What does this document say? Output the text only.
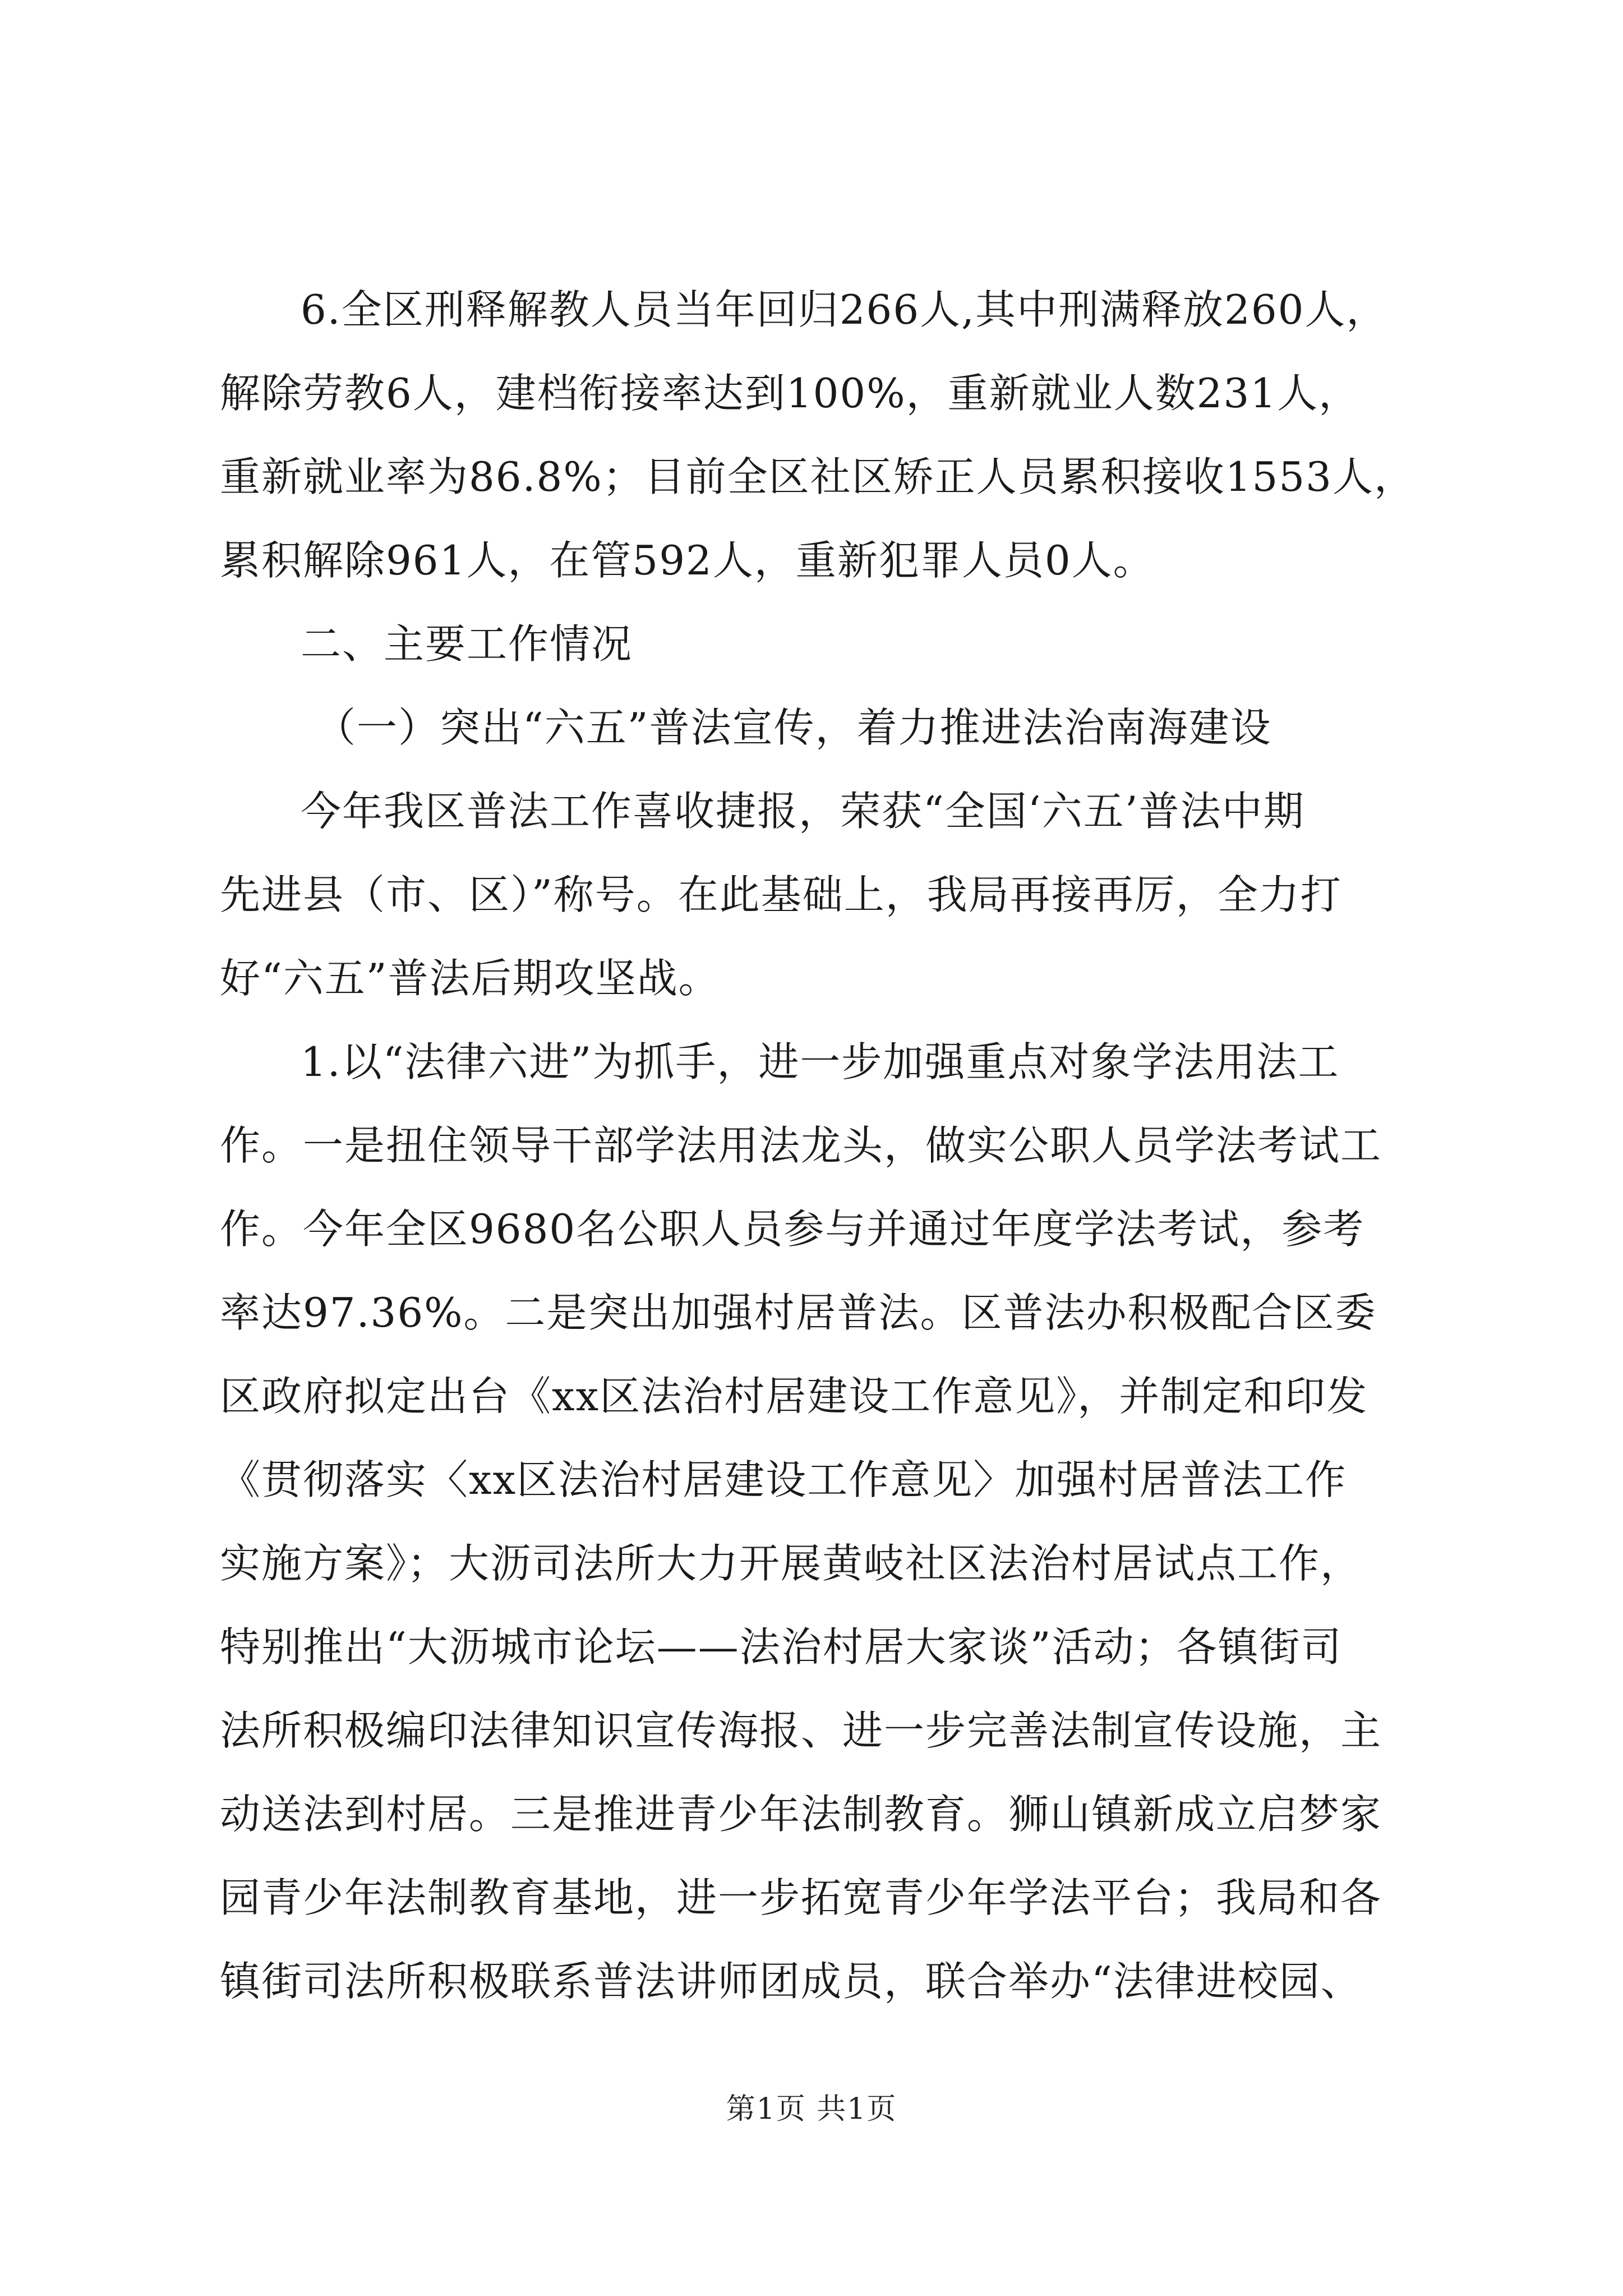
6.全区刑释解教人员当年回归266人,其中刑满释放260人，
解除劳教6人，建档衔接率达到100%，重新就业人数231人，
重新就业率为86.8%；目前全区社区矫正人员累积接收1553人，
累积解除961人，在管592人，重新犯罪人员0人。
二、主要工作情况
（一）突出“六五”普法宣传，着力推进法治南海建设
今年我区普法工作喜收捷报，荣获“全国‘六五’普法中期
先进县（市、区）”称号。在此基础上，我局再接再厉，全力打
好“六五”普法后期攻坚战。
1.以“法律六进”为抓手，进一步加强重点对象学法用法工
作。一是扭住领导干部学法用法龙头，做实公职人员学法考试工
作。今年全区9680名公职人员参与并通过年度学法考试，参考
率达97.36%。二是突出加强村居普法。区普法办积极配合区委
区政府拟定出台《xx区法治村居建设工作意见》，并制定和印发
《贯彻落实〈xx区法治村居建设工作意见〉加强村居普法工作
实施方案》；大沥司法所大力开展黄岐社区法治村居试点工作，
特别推出“大沥城市论坛——法治村居大家谈”活动；各镇街司
法所积极编印法律知识宣传海报、进一步完善法制宣传设施，主
动送法到村居。三是推进青少年法制教育。狮山镇新成立启梦家
园青少年法制教育基地，进一步拓宽青少年学法平台；我局和各
镇街司法所积极联系普法讲师团成员，联合举办“法律进校园、
第1页 共1页
